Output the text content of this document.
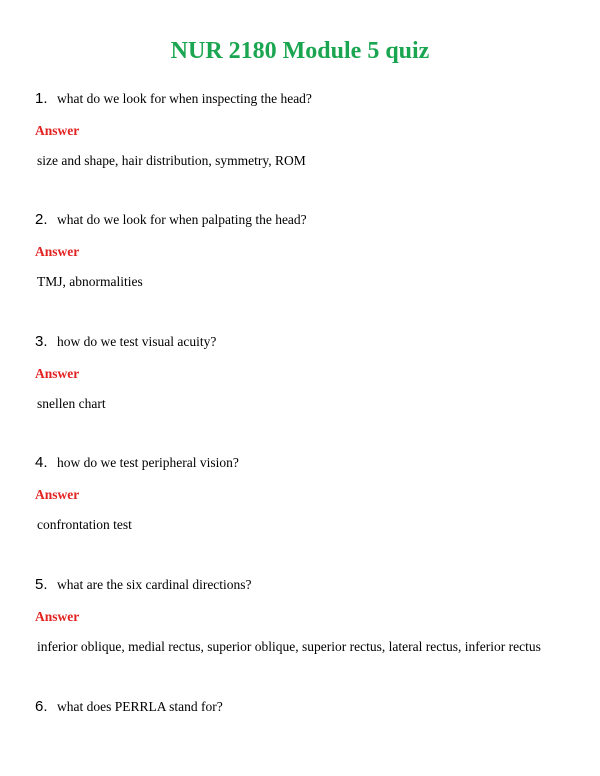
NUR 2180 Module 5 quiz
1. what do we look for when inspecting the head?
Answer
size and shape, hair distribution, symmetry, ROM
2. what do we look for when palpating the head?
Answer
TMJ, abnormalities
3. how do we test visual acuity?
Answer
snellen chart
4. how do we test peripheral vision?
Answer
confrontation test
5. what are the six cardinal directions?
Answer
inferior oblique, medial rectus, superior oblique, superior rectus, lateral rectus, inferior rectus
6. what does PERRLA stand for?
